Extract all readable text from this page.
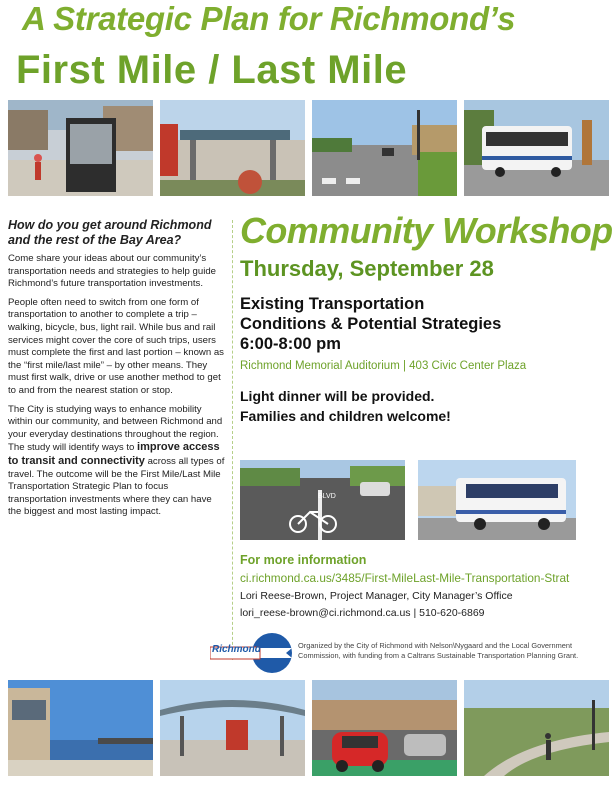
A Strategic Plan for Richmond’s
First Mile / Last Mile

How do you get around Richmond and the rest of the Bay Area?

Come share your ideas about our community’s transportation needs and strategies to help guide Richmond’s future transportation investments.

People often need to switch from one form of transportation to another to complete a trip – walking, bicycle, bus, light rail. While bus and rail services might cover the core of such trips, users must complete the first and last portion – known as the “first mile/last mile” – by other means. They must first walk, drive or use another method to get to and from the nearest station or stop.

The City is studying ways to enhance mobility within our community, and between Richmond and your everyday destinations throughout the region. The study will identify ways to improve access to transit and connectivity across all types of travel. The outcome will be the First Mile/Last Mile Transportation Strategic Plan to focus transportation investments where they can have the biggest and most lasting impact.

Community Workshop
Thursday, September 28
Existing Transportation
Conditions & Potential Strategies
6:00-8:00 pm
Richmond Memorial Auditorium | 403 Civic Center Plaza
Light dinner will be provided.
Families and children welcome!
BLVD
For more information
ci.richmond.ca.us/3485/First-MileLast-Mile-Transportation-Strat
Lori Reese-Brown, Project Manager, City Manager’s Office
lori_reese-brown@ci.richmond.ca.us | 510-620-6869
Richmond	Organized by the City of Richmond with Nelson\Nygaard and the Local Government Commission, with funding from a Caltrans Sustainable Transportation Planning Grant.
